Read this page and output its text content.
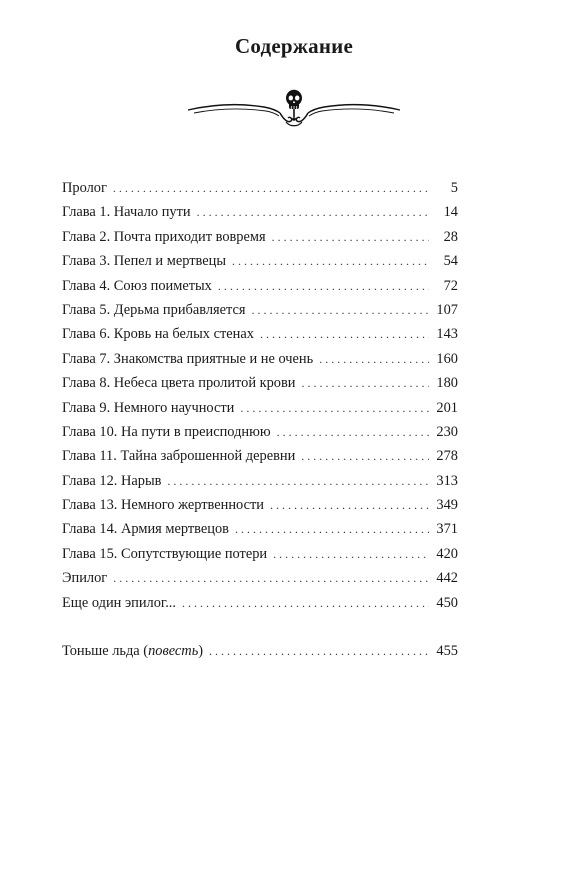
Содержание
Пролог . . .	5
Глава 1. Начало пути . . .	14
Глава 2. Почта приходит вовремя . . .	28
Глава 3. Пепел и мертвецы . . .	54
Глава 4. Союз поиметых . . .	72
Глава 5. Дерьма прибавляется . . .	107
Глава 6. Кровь на белых стенах . . .	143
Глава 7. Знакомства приятные и не очень . . .	160
Глава 8. Небеса цвета пролитой крови . . .	180
Глава 9. Немного научности . . .	201
Глава 10. На пути в преисподнюю . . .	230
Глава 11. Тайна заброшенной деревни . . .	278
Глава 12. Нарыв . . .	313
Глава 13. Немного жертвенности . . .	349
Глава 14. Армия мертвецов . . .	371
Глава 15. Сопутствующие потери . . .	420
Эпилог . . .	442
Еще один эпилог... . . .	450
Тоньше льда (повесть) . . .	455
